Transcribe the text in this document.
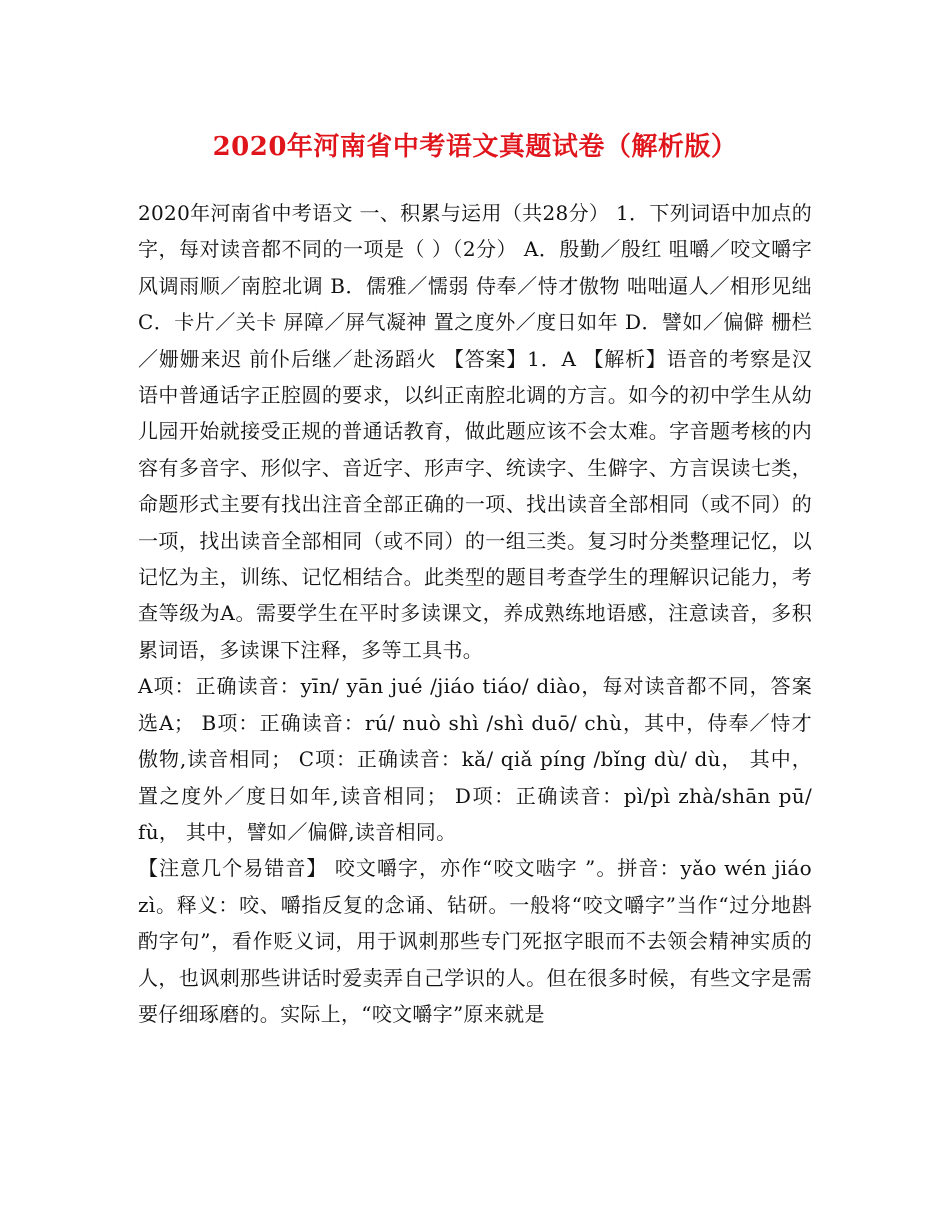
2020年河南省中考语文真题试卷（解析版）

2020年河南省中考语文 一、积累与运用（共28分） 1．下列词语中加点的字，每对读音都不同的一项是（ ）（2分） A．殷勤／殷红 咀嚼／咬文嚼字 风调雨顺／南腔北调 B．儒雅／懦弱 侍奉／恃才傲物 咄咄逼人／相形见绌 C．卡片／关卡 屏障／屏气凝神 置之度外／度日如年 D．譬如／偏僻 栅栏／姗姗来迟 前仆后继／赴汤蹈火 【答案】1．A 【解析】语音的考察是汉语中普通话字正腔圆的要求，以纠正南腔北调的方言。如今的初中学生从幼儿园开始就接受正规的普通话教育，做此题应该不会太难。字音题考核的内容有多音字、形似字、音近字、形声字、统读字、生僻字、方言误读七类，命题形式主要有找出注音全部正确的一项、找出读音全部相同（或不同）的一项，找出读音全部相同（或不同）的一组三类。复习时分类整理记忆，以记忆为主，训练、记忆相结合。此类型的题目考查学生的理解识记能力，考查等级为A。需要学生在平时多读课文，养成熟练地语感，注意读音，多积累词语，多读课下注释，多等工具书。

A项：正确读音：yīn/ yān jué /jiáo tiáo/ diào，每对读音都不同，答案选A； B项：正确读音：rú/ nuò shì /shì duō/ chù，其中，侍奉／恃才傲物,读音相同； C项：正确读音：kǎ/ qiǎ píng /bǐng dù/ dù， 其中，置之度外／度日如年,读音相同； D项：正确读音：pì/pì zhà/shān pū/ fù， 其中，譬如／偏僻,读音相同。

【注意几个易错音】 咬文嚼字，亦作“咬文啮字 ”。拼音：yǎo wén jiáo zì。释义：咬、嚼指反复的念诵、钻研。一般将“咬文嚼字”当作“过分地斟酌字句”，看作贬义词，用于讽刺那些专门死抠字眼而不去领会精神实质的人，也讽刺那些讲话时爱卖弄自己学识的人。但在很多时候，有些文字是需要仔细琢磨的。实际上，“咬文嚼字”原来就是
